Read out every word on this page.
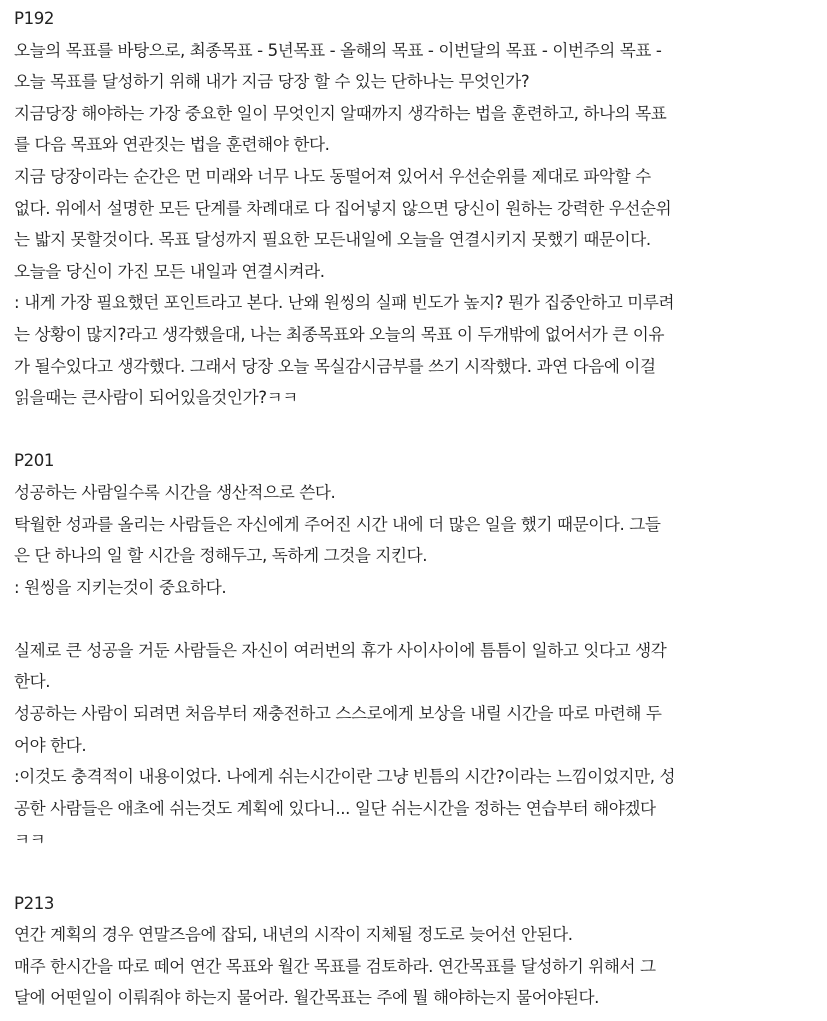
P192
오늘의 목표를 바탕으로, 최종목표 - 5년목표 - 올해의 목표 - 이번달의 목표 - 이번주의 목표 -
오늘 목표를 달성하기 위해 내가 지금 당장 할 수 있는 단하나는 무엇인가?
지금당장 해야하는 가장 중요한 일이 무엇인지 알때까지 생각하는 법을 훈련하고, 하나의 목표
를 다음 목표와 연관짓는 법을 훈련해야 한다.
지금 당장이라는 순간은 먼 미래와 너무 나도 동떨어져 있어서 우선순위를 제대로 파악할 수
없다. 위에서 설명한 모든 단계를 차례대로 다 집어넣지 않으면 당신이 원하는 강력한 우선순위
는 밟지 못할것이다. 목표 달성까지 필요한 모든내일에 오늘을 연결시키지 못했기 때문이다.
오늘을 당신이 가진 모든 내일과 연결시켜라.
: 내게 가장 필요했던 포인트라고 본다. 난왜 원씽의 실패 빈도가 높지? 뭔가 집중안하고 미루려
는 상황이 많지?라고 생각했을대, 나는 최종목표와 오늘의 목표 이 두개밖에 없어서가 큰 이유
가 될수있다고 생각했다. 그래서 당장 오늘 목실감시금부를 쓰기 시작했다. 과연 다음에 이걸
읽을때는 큰사람이 되어있을것인가?ㅋㅋ
P201
성공하는 사람일수록 시간을 생산적으로 쓴다.
탁월한 성과를 올리는 사람들은 자신에게 주어진 시간 내에 더 많은 일을 했기 때문이다. 그들
은 단 하나의 일 할 시간을 정해두고, 독하게 그것을 지킨다.
: 원씽을 지키는것이 중요하다.
실제로 큰 성공을 거둔 사람들은 자신이 여러번의 휴가 사이사이에 틈틈이 일하고 잇다고 생각
한다.
성공하는 사람이 되려면 처음부터 재충전하고 스스로에게 보상을 내릴 시간을 따로 마련해 두
어야 한다.
:이것도 충격적이 내용이었다. 나에게 쉬는시간이란 그냥 빈틈의 시간?이라는 느낌이었지만, 성
공한 사람들은 애초에 쉬는것도 계획에 있다니... 일단 쉬는시간을 정하는 연습부터 해야겠다
ㅋㅋ
P213
연간 계획의 경우 연말즈음에 잡되, 내년의 시작이 지체될 정도로 늦어선 안된다.
매주 한시간을 따로 떼어 연간 목표와 월간 목표를 검토하라. 연간목표를 달성하기 위해서 그
달에 어떤일이 이뤄줘야 하는지 물어라. 월간목표는 주에 뭘 해야하는지 물어야된다.
